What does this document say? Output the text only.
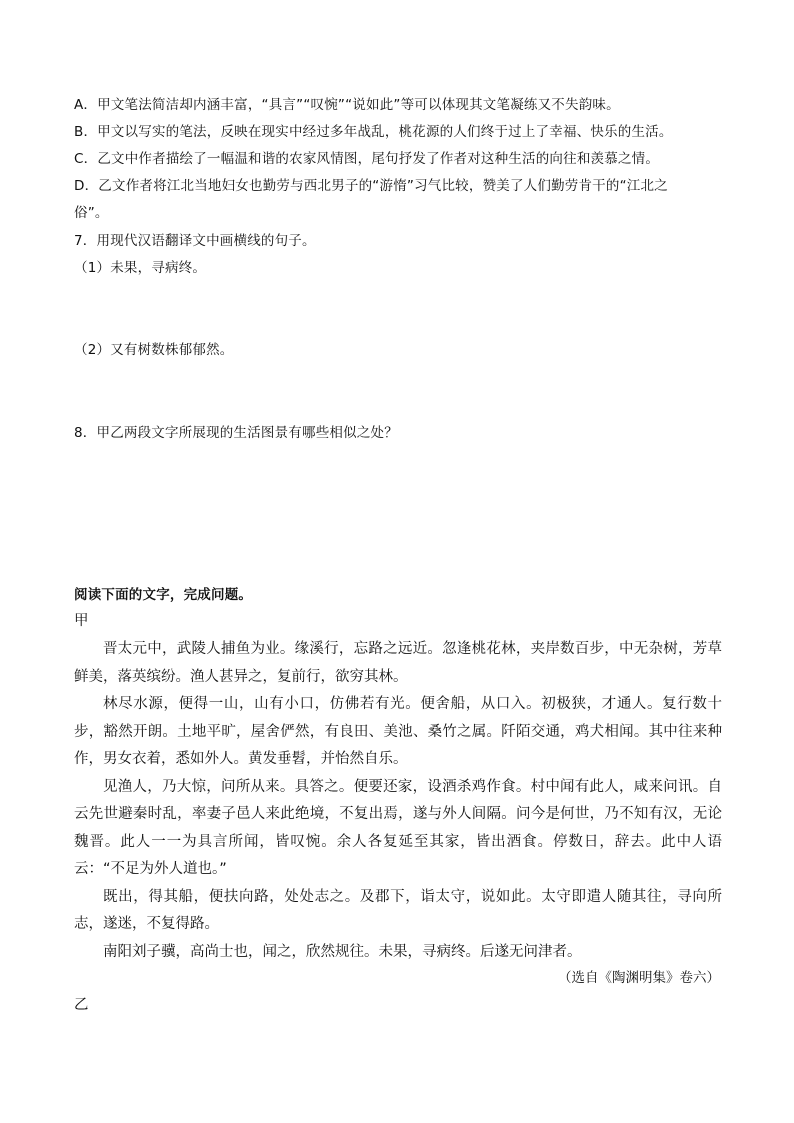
A．甲文笔法简洁却内涵丰富，“具言”“叹惋”“说如此”等可以体现其文笔凝练又不失韵味。
B．甲文以写实的笔法，反映在现实中经过多年战乱，桃花源的人们终于过上了幸福、快乐的生活。
C．乙文中作者描绘了一幅温和谐的农家风情图，尾句抒发了作者对这种生活的向往和羡慕之情。
D．乙文作者将江北当地妇女也勤劳与西北男子的“游惰”习气比较，赞美了人们勤劳肯干的“江北之
俗”。
7．用现代汉语翻译文中画横线的句子。
（1）未果，寻病终。
（2）又有树数株郁郁然。
8．甲乙两段文字所展现的生活图景有哪些相似之处？
阅读下面的文字，完成问题。
甲

晋太元中，武陵人捕鱼为业。缘溪行，忘路之远近。忽逢桃花林，夹岸数百步，中无杂树，芳草鲜美，落英缤纷。渔人甚异之，复前行，欲穷其林。

林尽水源，便得一山，山有小口，仿佛若有光。便舍船，从口入。初极狭，才通人。复行数十步，豁然开朗。土地平旷，屋舍俨然，有良田、美池、桑竹之属。阡陌交通，鸡犬相闻。其中往来种作，男女衣着，悉如外人。黄发垂髫，并怡然自乐。

见渔人，乃大惊，问所从来。具答之。便要还家，设酒杀鸡作食。村中闻有此人，咸来问讯。自云先世避秦时乱，率妻子邑人来此绝境，不复出焉，遂与外人间隔。问今是何世，乃不知有汉，无论魏晋。此人一一为具言所闻，皆叹惋。余人各复延至其家，皆出酒食。停数日，辞去。此中人语云：“不足为外人道也。”

既出，得其船，便扶向路，处处志之。及郡下，诣太守，说如此。太守即遣人随其往，寻向所志，遂迷，不复得路。

南阳刘子骥，高尚士也，闻之，欣然规往。未果，寻病终。后遂无问津者。

（选自《陶渊明集》卷六）
乙
